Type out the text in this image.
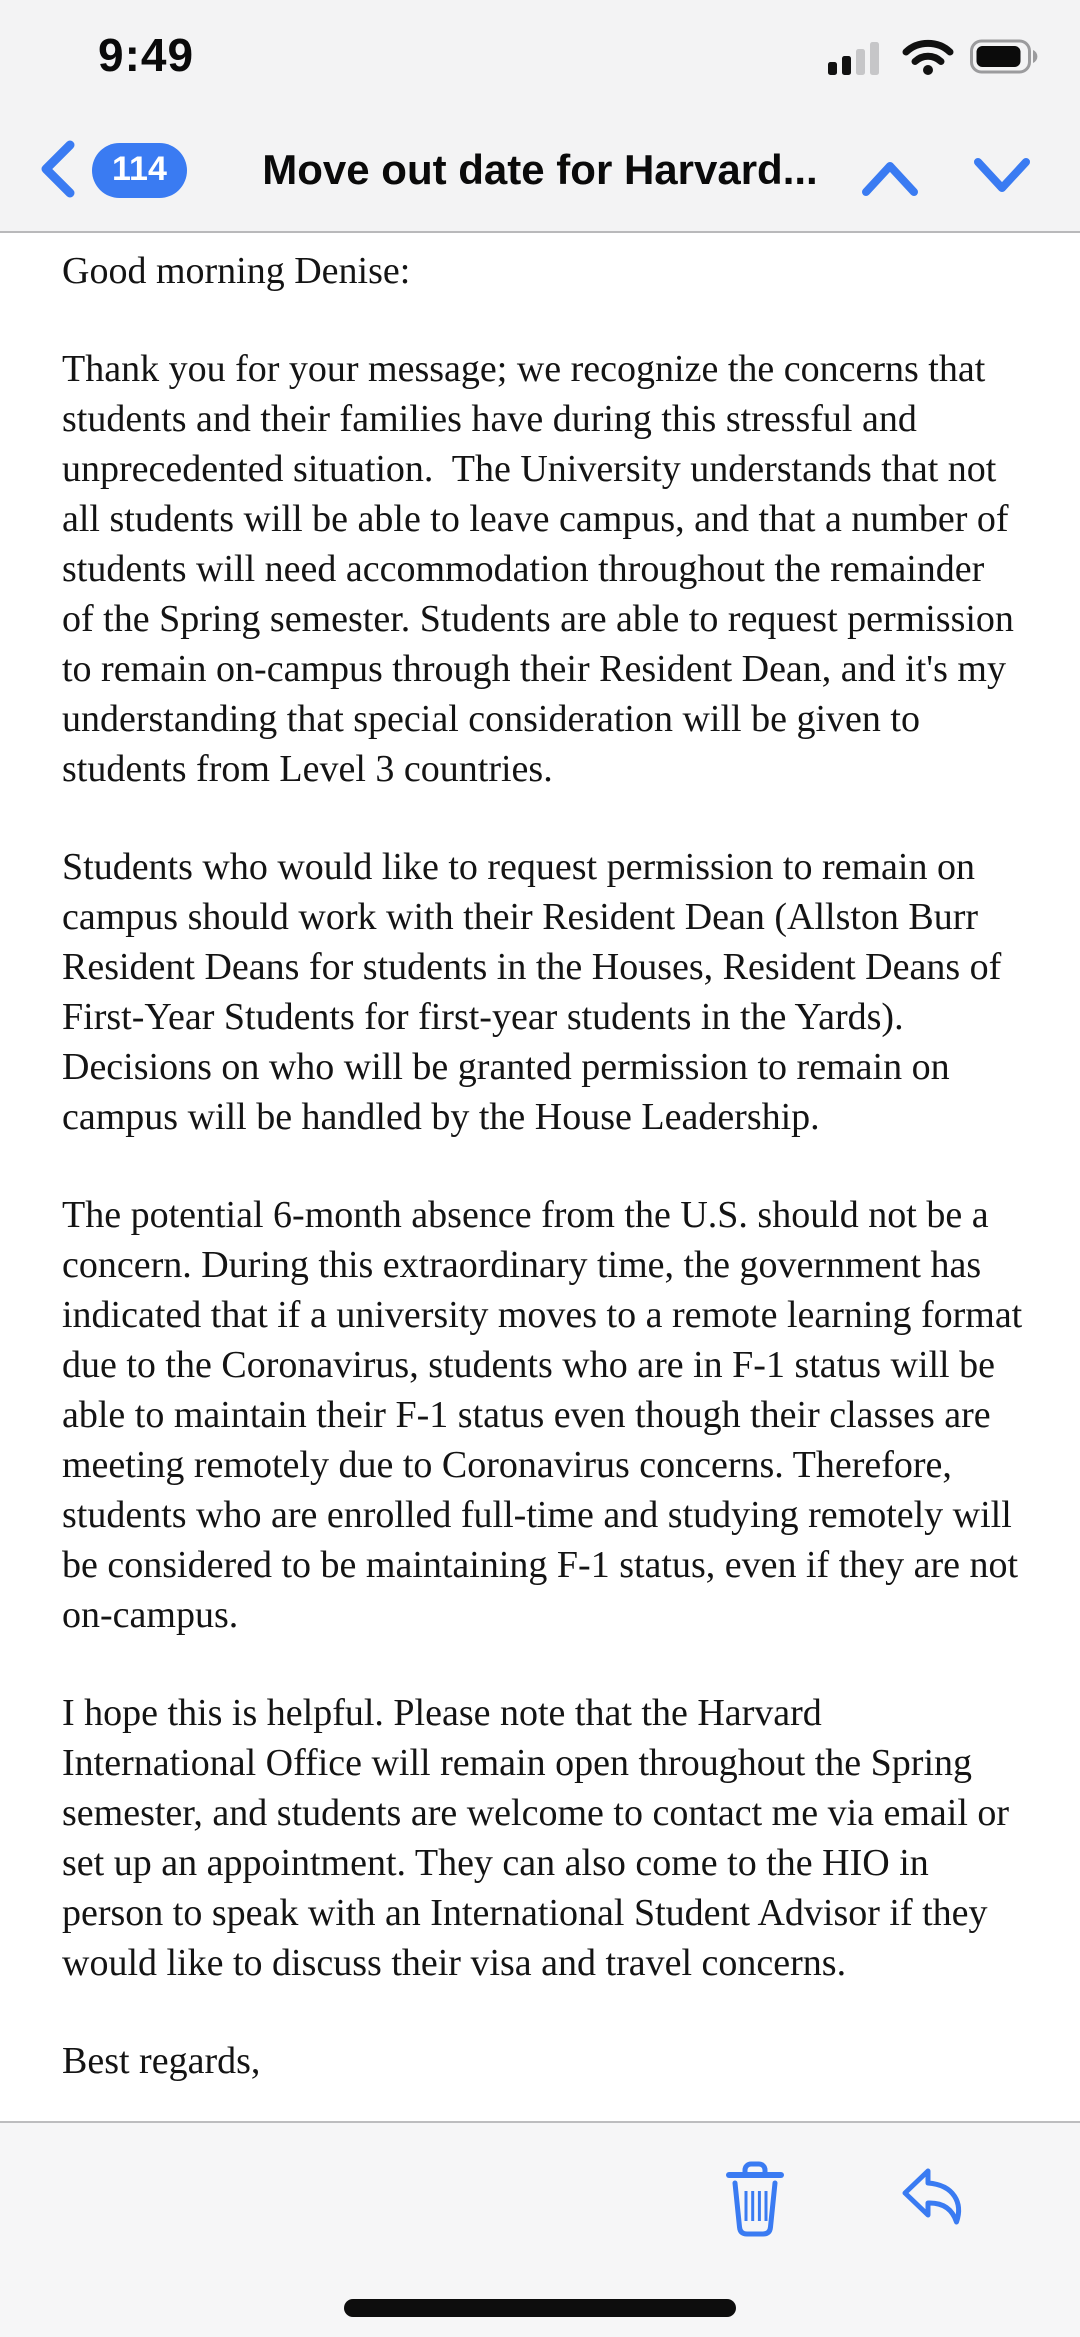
9:49
114	Move out date for Harvard...

Good morning Denise:

Thank you for your message; we recognize the concerns that students and their families have during this stressful and unprecedented situation.  The University understands that not all students will be able to leave campus, and that a number of students will need accommodation throughout the remainder of the Spring semester. Students are able to request permission to remain on-campus through their Resident Dean, and it's my understanding that special consideration will be given to students from Level 3 countries.

Students who would like to request permission to remain on campus should work with their Resident Dean (Allston Burr Resident Deans for students in the Houses, Resident Deans of First-Year Students for first-year students in the Yards). Decisions on who will be granted permission to remain on campus will be handled by the House Leadership.

The potential 6-month absence from the U.S. should not be a concern. During this extraordinary time, the government has indicated that if a university moves to a remote learning format due to the Coronavirus, students who are in F-1 status will be able to maintain their F-1 status even though their classes are meeting remotely due to Coronavirus concerns. Therefore, students who are enrolled full-time and studying remotely will be considered to be maintaining F-1 status, even if they are not on-campus.

I hope this is helpful. Please note that the Harvard International Office will remain open throughout the Spring semester, and students are welcome to contact me via email or set up an appointment. They can also come to the HIO in person to speak with an International Student Advisor if they would like to discuss their visa and travel concerns.

Best regards,
